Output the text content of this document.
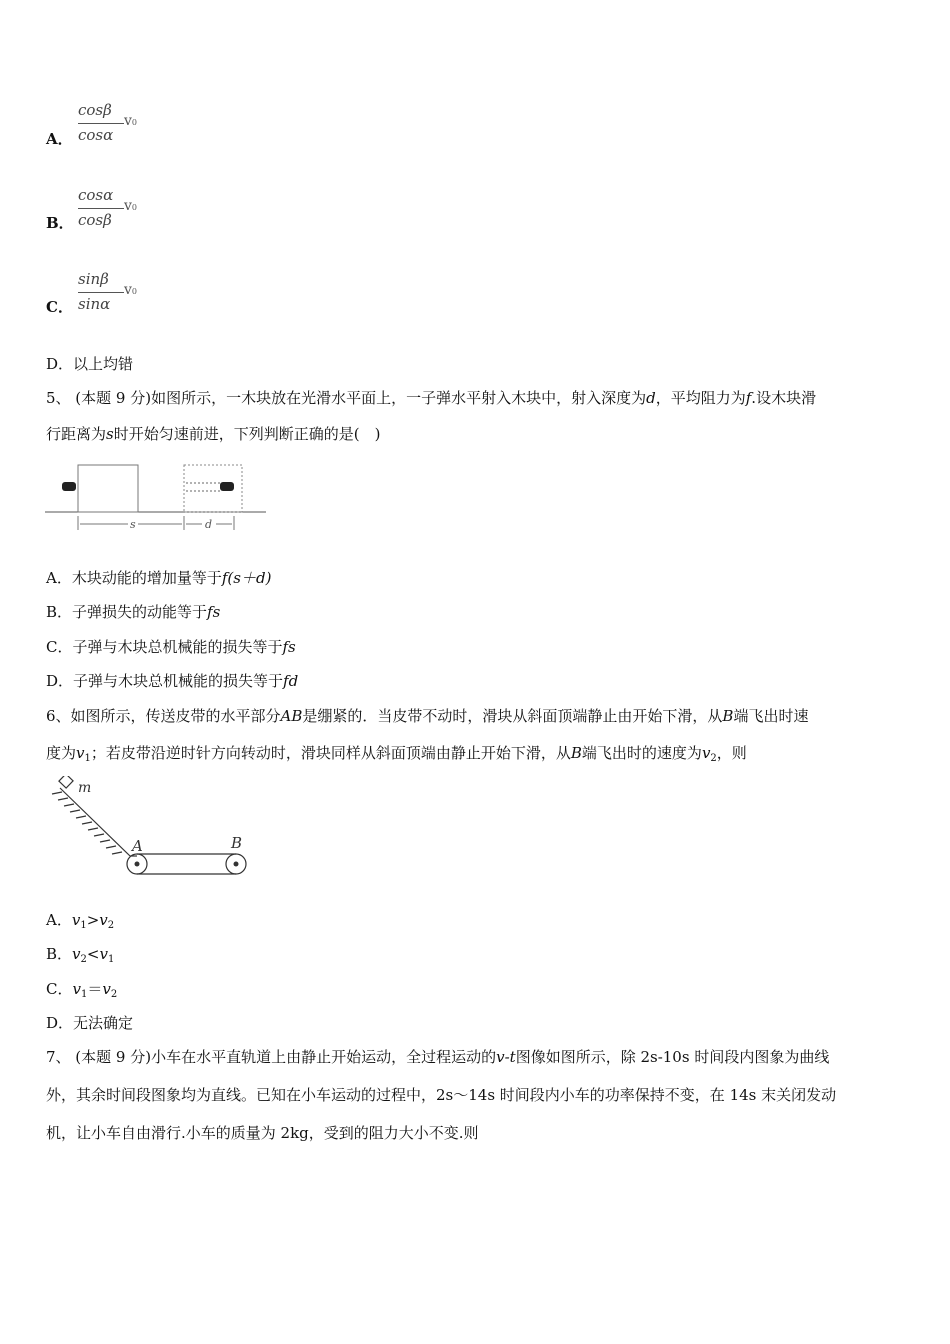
A．
cosβ
cosα
v0
B．
cosα
cosβ
v0
C．
sinβ
sinα
v0
D．以上均错
5、 (本题 9 分)如图所示，一木块放在光滑水平面上，一子弹水平射入木块中，射入深度为d，平均阻力为f.设木块滑
行距离为s时开始匀速前进，下列判断正确的是(　)
s	d
A．木块动能的增加量等于f(s＋d)
B．子弹损失的动能等于fs
C．子弹与木块总机械能的损失等于fs
D．子弹与木块总机械能的损失等于fd
6、如图所示，传送皮带的水平部分AB是绷紧的．当皮带不动时，滑块从斜面顶端静止由开始下滑，从B端飞出时速
度为$v_1$；若皮带沿逆时针方向转动时，滑块同样从斜面顶端由静止开始下滑，从B端飞出时的速度为$v_2$，则
m
A	B
A．$v_1>v_2$
B．$v_2<v_1$
C．$v_1=v_2$
D．无法确定
7、 (本题 9 分)小车在水平直轨道上由静止开始运动，全过程运动的v-t图像如图所示，除 2s-10s 时间段内图象为曲线
外，其余时间段图象均为直线。已知在小车运动的过程中，2s～14s 时间段内小车的功率保持不变，在 14s 末关闭发动
机，让小车自由滑行.小车的质量为 2kg，受到的阻力大小不变.则
